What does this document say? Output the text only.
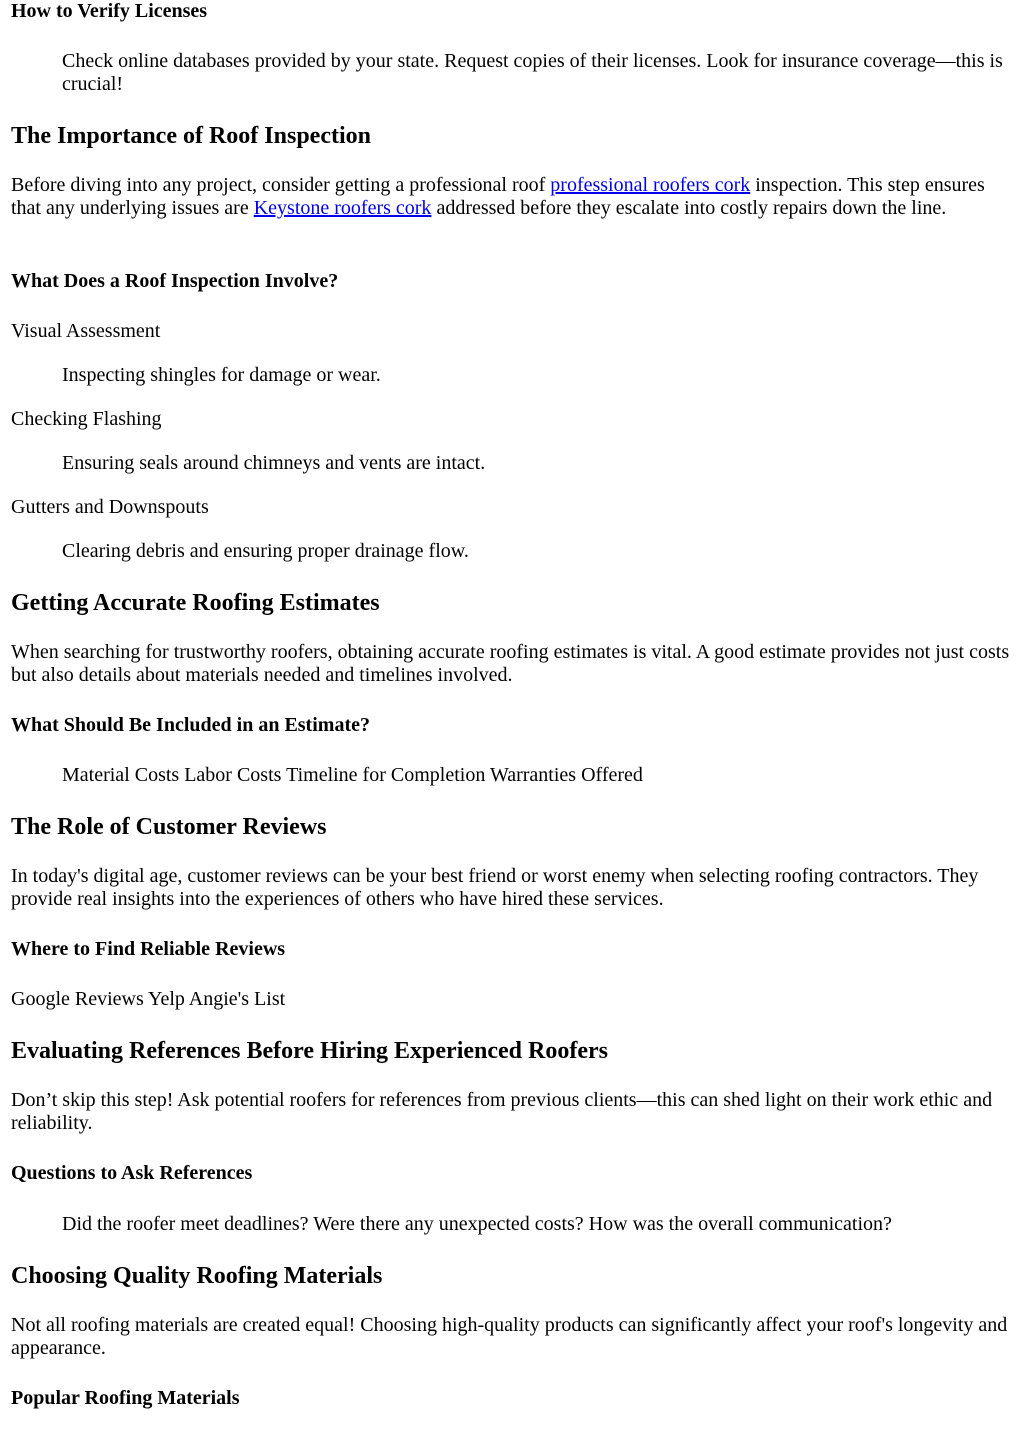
How to Verify Licenses

Check online databases provided by your state. Request copies of their licenses. Look for insurance coverage—this is crucial!

The Importance of Roof Inspection

Before diving into any project, consider getting a professional roof professional roofers cork inspection. This step ensures that any underlying issues are Keystone roofers cork addressed before they escalate into costly repairs down the line.

What Does a Roof Inspection Involve?
Visual Assessment
Inspecting shingles for damage or wear.
Checking Flashing
Ensuring seals around chimneys and vents are intact.
Gutters and Downspouts
Clearing debris and ensuring proper drainage flow.
Getting Accurate Roofing Estimates

When searching for trustworthy roofers, obtaining accurate roofing estimates is vital. A good estimate provides not just costs but also details about materials needed and timelines involved.

What Should Be Included in an Estimate?

Material Costs Labor Costs Timeline for Completion Warranties Offered

The Role of Customer Reviews

In today's digital age, customer reviews can be your best friend or worst enemy when selecting roofing contractors. They provide real insights into the experiences of others who have hired these services.

Where to Find Reliable Reviews

Google Reviews Yelp Angie's List

Evaluating References Before Hiring Experienced Roofers

Don’t skip this step! Ask potential roofers for references from previous clients—this can shed light on their work ethic and reliability.

Questions to Ask References

Did the roofer meet deadlines? Were there any unexpected costs? How was the overall communication?

Choosing Quality Roofing Materials

Not all roofing materials are created equal! Choosing high-quality products can significantly affect your roof's longevity and appearance.

Popular Roofing Materials
